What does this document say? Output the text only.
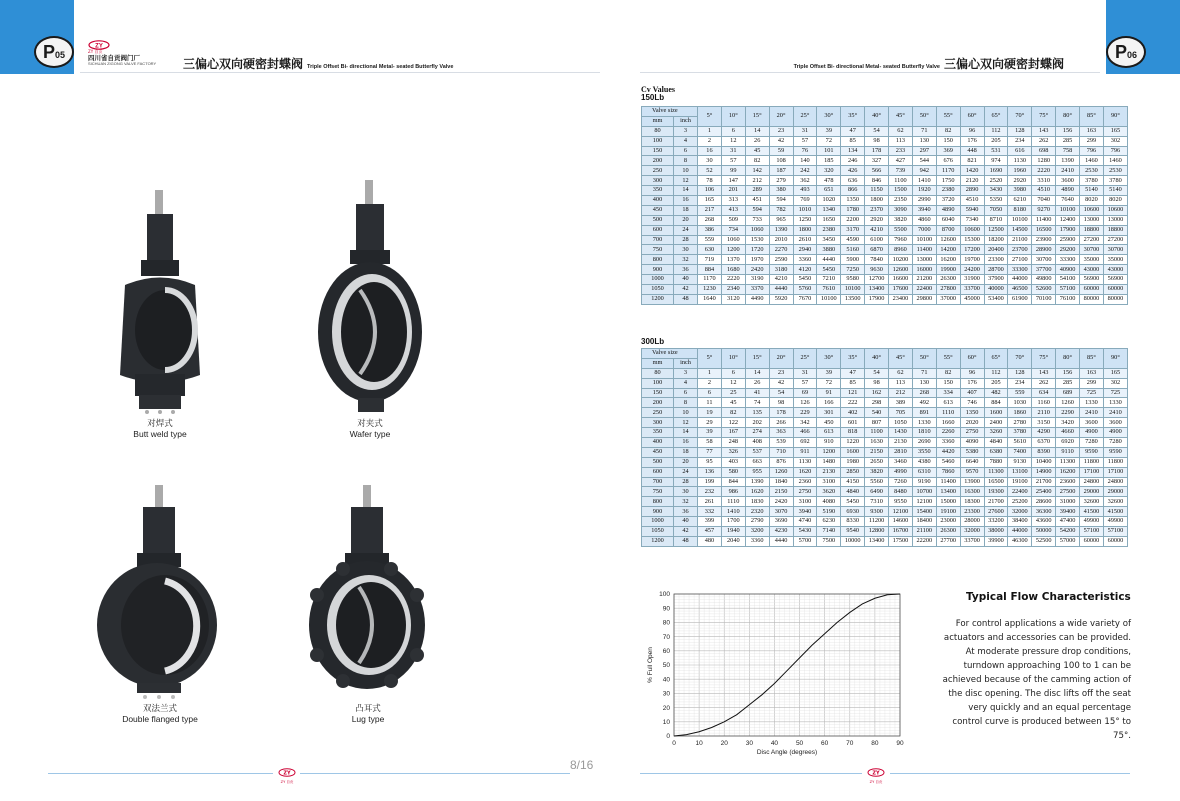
P 05	P 06
ZY
ZY 自贡
四川省自贡阀门厂
SICHUAN ZIGONG VALVE FACTORY	三偏心双向硬密封蝶阀 Triple Offset Bi- directional Metal- seated Butterfly Valve	Triple Offset Bi- directional Metal- seated Butterfly Valve 三偏心双向硬密封蝶阀
对焊式
Butt weld type
对夹式
Wafer type
双法兰式
Double flanged type
凸耳式
Lug type
Cv Values
150Lb
Valve size		5°	10°	15°	20°	25°	30°	35°	40°	45°	50°	55°	60°	65°	70°	75°	80°	85°	90°
mm	inch																		
80	3	1	6	14	23	31	39	47	54	62	71	82	96	112	128	143	156	163	165
100	4	2	12	26	42	57	72	85	98	113	130	150	176	205	234	262	285	299	302
150	6	16	31	45	59	76	101	134	178	233	297	369	448	531	616	698	758	796	796
200	8	30	57	82	108	140	185	246	327	427	544	676	821	974	1130	1280	1390	1460	1460
250	10	52	99	142	187	242	320	426	566	739	942	1170	1420	1690	1960	2220	2410	2530	2530
300	12	78	147	212	279	362	478	636	846	1100	1410	1750	2120	2520	2920	3310	3600	3780	3780
350	14	106	201	289	380	493	651	866	1150	1500	1920	2380	2890	3430	3980	4510	4890	5140	5140
400	16	165	313	451	594	769	1020	1350	1800	2350	2990	3720	4510	5350	6210	7040	7640	8020	8020
450	18	217	413	594	782	1010	1340	1780	2370	3090	3940	4890	5940	7050	8180	9270	10100	10600	10600
500	20	268	509	733	965	1250	1650	2200	2920	3820	4860	6040	7340	8710	10100	11400	12400	13000	13000
600	24	386	734	1060	1390	1800	2380	3170	4210	5500	7000	8700	10600	12500	14500	16500	17900	18800	18800
700	28	559	1060	1530	2010	2610	3450	4590	6100	7960	10100	12600	15300	18200	21100	23900	25900	27200	27200
750	30	630	1200	1720	2270	2940	3880	5160	6870	8960	11400	14200	17200	20400	23700	28900	29200	30700	30700
800	32	719	1370	1970	2590	3360	4440	5900	7840	10200	13000	16200	19700	23300	27100	30700	33300	35000	35000
900	36	884	1680	2420	3180	4120	5450	7250	9630	12600	16000	19900	24200	28700	33300	37700	40900	43000	43000
1000	40	1170	2220	3190	4210	5450	7210	9580	12700	16600	21200	26300	31900	37900	44000	49800	54100	56900	56900
1050	42	1230	2340	3370	4440	5760	7610	10100	13400	17600	22400	27800	33700	40000	46500	52600	57100	60000	60000
1200	48	1640	3120	4490	5920	7670	10100	13500	17900	23400	29800	37000	45000	53400	61900	70100	76100	80000	80000
300Lb
Valve size		5°	10°	15°	20°	25°	30°	35°	40°	45°	50°	55°	60°	65°	70°	75°	80°	85°	90°
mm	inch																		
80	3	1	6	14	23	31	39	47	54	62	71	82	96	112	128	143	156	163	165
100	4	2	12	26	42	57	72	85	98	113	130	150	176	205	234	262	285	299	302
150	6	6	25	41	54	69	91	121	162	212	268	334	407	482	559	634	689	725	725
200	8	11	45	74	98	126	166	222	298	389	492	613	746	884	1030	1160	1260	1330	1330
250	10	19	82	135	178	229	301	402	540	705	891	1110	1350	1600	1860	2110	2290	2410	2410
300	12	29	122	202	266	342	450	601	807	1050	1330	1660	2020	2400	2780	3150	3420	3600	3600
350	14	39	167	274	363	466	613	818	1100	1430	1810	2260	2750	3260	3780	4290	4660	4900	4900
400	16	58	248	408	539	692	910	1220	1630	2130	2690	3360	4090	4840	5610	6370	6920	7280	7280
450	18	77	326	537	710	911	1200	1600	2150	2810	3550	4420	5380	6380	7400	8390	9110	9590	9590
500	20	95	403	663	876	1130	1480	1980	2650	3460	4380	5460	6640	7880	9130	10400	11300	11800	11800
600	24	136	580	955	1260	1620	2130	2850	3820	4990	6310	7860	9570	11300	13100	14900	16200	17100	17100
700	28	199	844	1390	1840	2360	3100	4150	5560	7260	9190	11400	13900	16500	19100	21700	23600	24800	24800
750	30	232	986	1620	2150	2750	3620	4840	6490	8480	10700	13400	16300	19300	22400	25400	27500	29000	29000
800	32	261	1110	1830	2420	3100	4080	5450	7310	9550	12100	15000	18300	21700	25200	28600	31000	32600	32600
900	36	332	1410	2320	3070	3940	5190	6930	9300	12100	15400	19100	23300	27600	32000	36300	39400	41500	41500
1000	40	399	1700	2790	3690	4740	6230	8330	11200	14600	18400	23000	28000	33200	38400	43600	47400	49900	49900
1050	42	457	1940	3200	4230	5430	7140	9540	12800	16700	21100	26300	32000	38000	44000	50000	54200	57100	57100
1200	48	480	2040	3360	4440	5700	7500	10000	13400	17500	22200	27700	33700	39900	46300	52500	57000	60000	60000
0	10	20	30	40	50	60	70	80	90
0
10
20
30
40
50
60
70
80
90
100
Disc Angle (degrees)
% Full Open
Typical Flow Characteristics
For control applications a wide variety of actuators and accessories can be provided. At moderate pressure drop conditions, turndown approaching 100 to 1 can be achieved because of the camming action of the disc opening. The disc lifts off the seat very quickly and an equal percentage control curve is produced between 15° to 75°.
ZY
ZY 自贡
ZY
ZY 自贡
8/16
